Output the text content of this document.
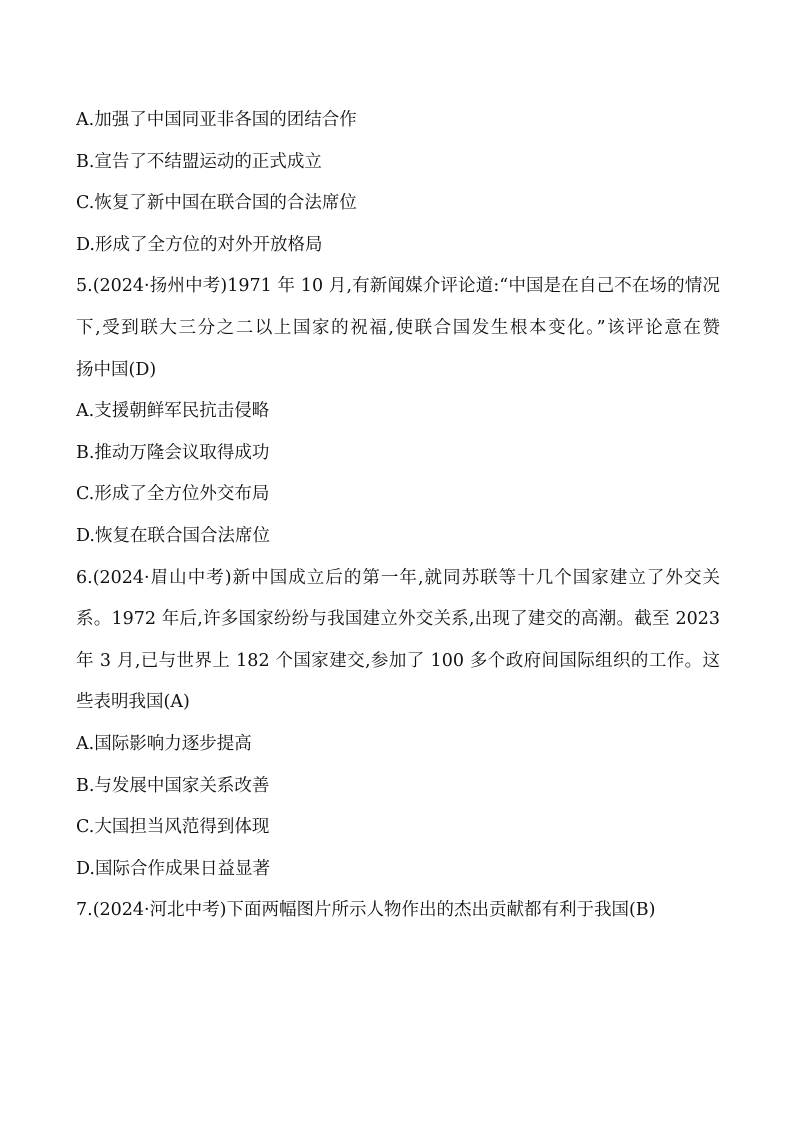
A.加强了中国同亚非各国的团结合作
B.宣告了不结盟运动的正式成立
C.恢复了新中国在联合国的合法席位
D.形成了全方位的对外开放格局
5.(2024·扬州中考)1971 年 10 月,有新闻媒介评论道:“中国是在自己不在场的情况
下,受到联大三分之二以上国家的祝福,使联合国发生根本变化。”该评论意在赞
扬中国(D)
A.支援朝鲜军民抗击侵略
B.推动万隆会议取得成功
C.形成了全方位外交布局
D.恢复在联合国合法席位
6.(2024·眉山中考)新中国成立后的第一年,就同苏联等十几个国家建立了外交关
系。1972 年后,许多国家纷纷与我国建立外交关系,出现了建交的高潮。截至 2023
年 3 月,已与世界上 182 个国家建交,参加了 100 多个政府间国际组织的工作。这
些表明我国(A)
A.国际影响力逐步提高
B.与发展中国家关系改善
C.大国担当风范得到体现
D.国际合作成果日益显著
7.(2024·河北中考)下面两幅图片所示人物作出的杰出贡献都有利于我国(B)
